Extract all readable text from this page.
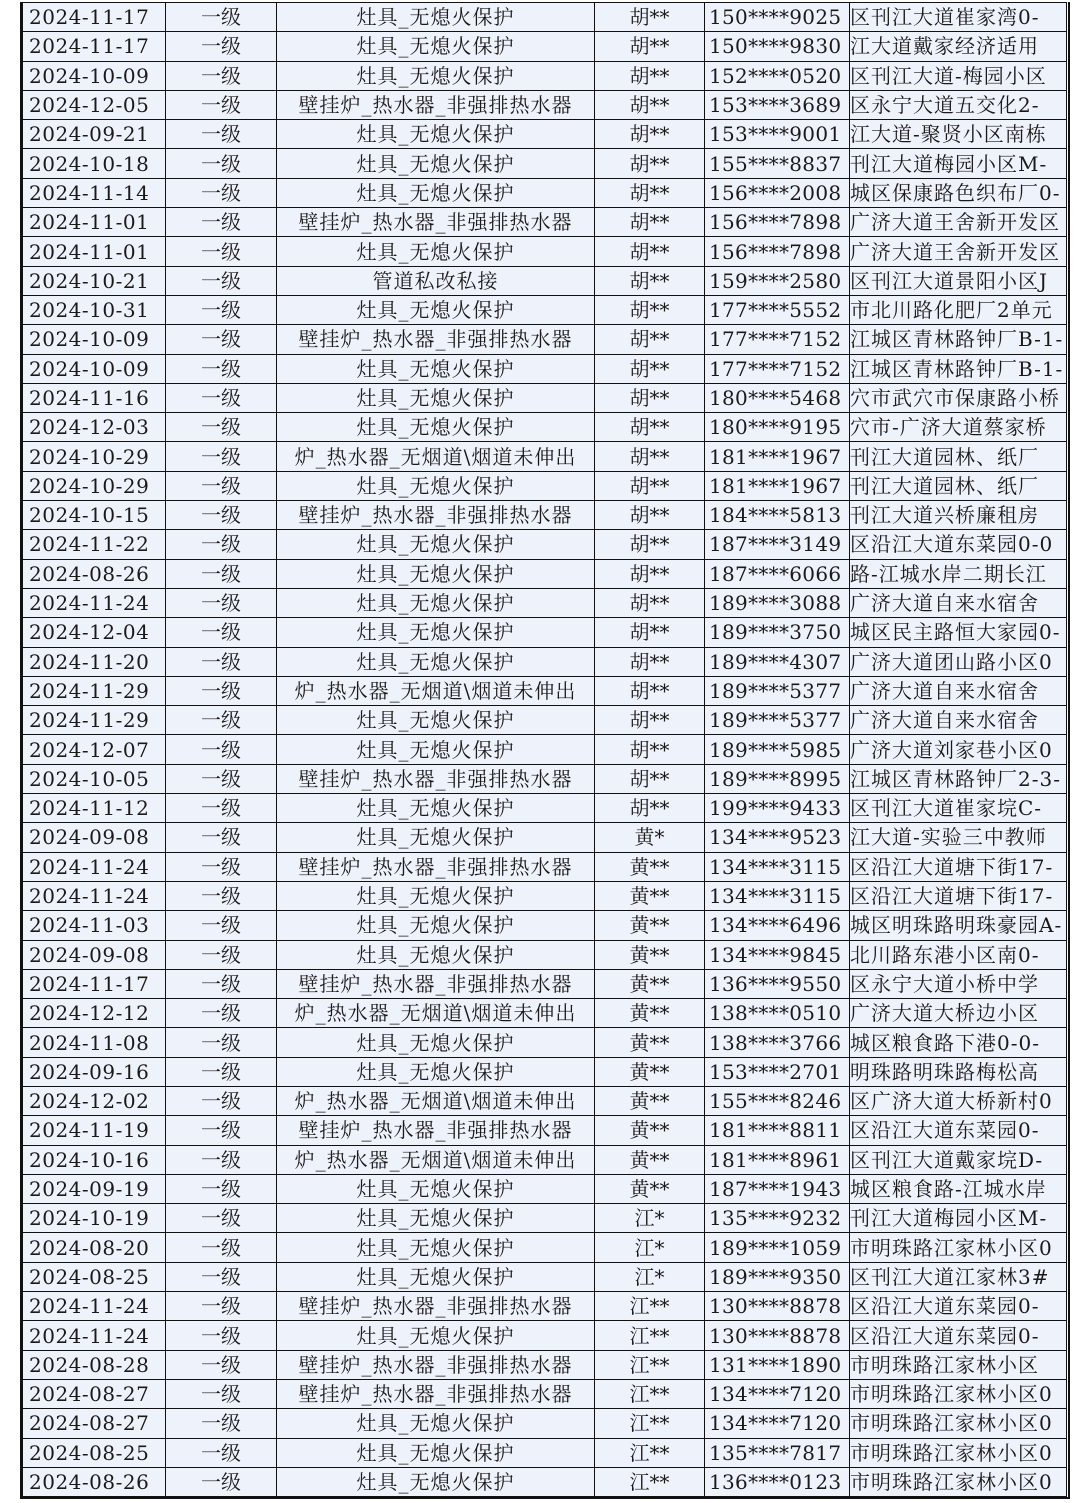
2024-11-17	一级	灶具_无熄火保护	胡**	150****9025	区刊江大道崔家湾0-
2024-11-17	一级	灶具_无熄火保护	胡**	150****9830	江大道戴家经济适用
2024-10-09	一级	灶具_无熄火保护	胡**	152****0520	区刊江大道-梅园小区
2024-12-05	一级	壁挂炉_热水器_非强排热水器	胡**	153****3689	区永宁大道五交化2-
2024-09-21	一级	灶具_无熄火保护	胡**	153****9001	江大道-聚贤小区南栋
2024-10-18	一级	灶具_无熄火保护	胡**	155****8837	刊江大道梅园小区M-
2024-11-14	一级	灶具_无熄火保护	胡**	156****2008	城区保康路色织布厂0-
2024-11-01	一级	壁挂炉_热水器_非强排热水器	胡**	156****7898	广济大道王舍新开发区
2024-11-01	一级	灶具_无熄火保护	胡**	156****7898	广济大道王舍新开发区
2024-10-21	一级	管道私改私接	胡**	159****2580	区刊江大道景阳小区J
2024-10-31	一级	灶具_无熄火保护	胡**	177****5552	市北川路化肥厂2单元
2024-10-09	一级	壁挂炉_热水器_非强排热水器	胡**	177****7152	江城区青林路钟厂B-1-
2024-10-09	一级	灶具_无熄火保护	胡**	177****7152	江城区青林路钟厂B-1-
2024-11-16	一级	灶具_无熄火保护	胡**	180****5468	穴市武穴市保康路小桥
2024-12-03	一级	灶具_无熄火保护	胡**	180****9195	穴市-广济大道蔡家桥
2024-10-29	一级	炉_热水器_无烟道\烟道未伸出	胡**	181****1967	刊江大道园林、纸厂
2024-10-29	一级	灶具_无熄火保护	胡**	181****1967	刊江大道园林、纸厂
2024-10-15	一级	壁挂炉_热水器_非强排热水器	胡**	184****5813	刊江大道兴桥廉租房
2024-11-22	一级	灶具_无熄火保护	胡**	187****3149	区沿江大道东菜园0-0
2024-08-26	一级	灶具_无熄火保护	胡**	187****6066	路-江城水岸二期长江
2024-11-24	一级	灶具_无熄火保护	胡**	189****3088	广济大道自来水宿舍
2024-12-04	一级	灶具_无熄火保护	胡**	189****3750	城区民主路恒大家园0-
2024-11-20	一级	灶具_无熄火保护	胡**	189****4307	广济大道团山路小区0
2024-11-29	一级	炉_热水器_无烟道\烟道未伸出	胡**	189****5377	广济大道自来水宿舍
2024-11-29	一级	灶具_无熄火保护	胡**	189****5377	广济大道自来水宿舍
2024-12-07	一级	灶具_无熄火保护	胡**	189****5985	广济大道刘家巷小区0
2024-10-05	一级	壁挂炉_热水器_非强排热水器	胡**	189****8995	江城区青林路钟厂2-3-
2024-11-12	一级	灶具_无熄火保护	胡**	199****9433	区刊江大道崔家垸C-
2024-09-08	一级	灶具_无熄火保护	黄*	134****9523	江大道-实验三中教师
2024-11-24	一级	壁挂炉_热水器_非强排热水器	黄**	134****3115	区沿江大道塘下街17-
2024-11-24	一级	灶具_无熄火保护	黄**	134****3115	区沿江大道塘下街17-
2024-11-03	一级	灶具_无熄火保护	黄**	134****6496	城区明珠路明珠豪园A-
2024-09-08	一级	灶具_无熄火保护	黄**	134****9845	北川路东港小区南0-
2024-11-17	一级	壁挂炉_热水器_非强排热水器	黄**	136****9550	区永宁大道小桥中学
2024-12-12	一级	炉_热水器_无烟道\烟道未伸出	黄**	138****0510	广济大道大桥边小区
2024-11-08	一级	灶具_无熄火保护	黄**	138****3766	城区粮食路下港0-0-
2024-09-16	一级	灶具_无熄火保护	黄**	153****2701	明珠路明珠路梅松高
2024-12-02	一级	炉_热水器_无烟道\烟道未伸出	黄**	155****8246	区广济大道大桥新村0
2024-11-19	一级	壁挂炉_热水器_非强排热水器	黄**	181****8811	区沿江大道东菜园0-
2024-10-16	一级	炉_热水器_无烟道\烟道未伸出	黄**	181****8961	区刊江大道戴家垸D-
2024-09-19	一级	灶具_无熄火保护	黄**	187****1943	城区粮食路-江城水岸
2024-10-19	一级	灶具_无熄火保护	江*	135****9232	刊江大道梅园小区M-
2024-08-20	一级	灶具_无熄火保护	江*	189****1059	市明珠路江家林小区0
2024-08-25	一级	灶具_无熄火保护	江*	189****9350	区刊江大道江家林3#
2024-11-24	一级	壁挂炉_热水器_非强排热水器	江**	130****8878	区沿江大道东菜园0-
2024-11-24	一级	灶具_无熄火保护	江**	130****8878	区沿江大道东菜园0-
2024-08-28	一级	壁挂炉_热水器_非强排热水器	江**	131****1890	市明珠路江家林小区
2024-08-27	一级	壁挂炉_热水器_非强排热水器	江**	134****7120	市明珠路江家林小区0
2024-08-27	一级	灶具_无熄火保护	江**	134****7120	市明珠路江家林小区0
2024-08-25	一级	灶具_无熄火保护	江**	135****7817	市明珠路江家林小区0
2024-08-26	一级	灶具_无熄火保护	江**	136****0123	市明珠路江家林小区0
